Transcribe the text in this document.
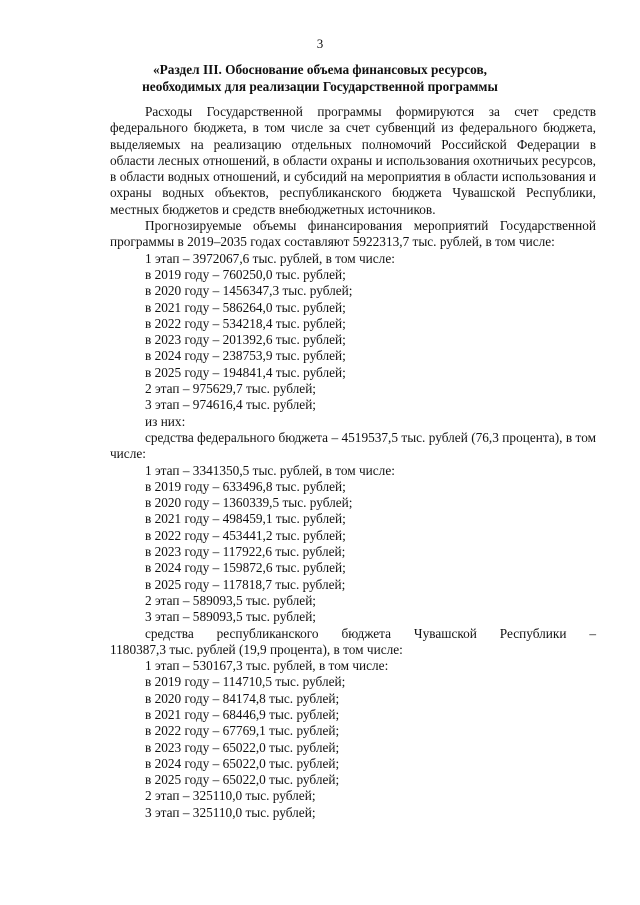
3
«Раздел III. Обоснование объема финансовых ресурсов,
необходимых для реализации Государственной программы

Расходы Государственной программы формируются за счет средств федерального бюджета, в том числе за счет субвенций из федерального бюджета, выделяемых на реализацию отдельных полномочий Российской Федерации в области лесных отношений, в области охраны и использования охотничьих ресурсов, в области водных отношений, и субсидий на мероприятия в области использования и охраны водных объектов, республиканского бюджета Чувашской Республики, местных бюджетов и средств внебюджетных источников.

Прогнозируемые объемы финансирования мероприятий Государственной программы в 2019–2035 годах составляют 5922313,7 тыс. рублей, в том числе:

1 этап – 3972067,6 тыс. рублей, в том числе:

в 2019 году – 760250,0 тыс. рублей;

в 2020 году – 1456347,3 тыс. рублей;

в 2021 году – 586264,0 тыс. рублей;

в 2022 году – 534218,4 тыс. рублей;

в 2023 году – 201392,6 тыс. рублей;

в 2024 году – 238753,9 тыс. рублей;

в 2025 году – 194841,4 тыс. рублей;

2 этап – 975629,7 тыс. рублей;

3 этап – 974616,4 тыс. рублей;

из них:

средства федерального бюджета – 4519537,5 тыс. рублей (76,3 процента), в том числе:

1 этап – 3341350,5 тыс. рублей, в том числе:

в 2019 году – 633496,8 тыс. рублей;

в 2020 году – 1360339,5 тыс. рублей;

в 2021 году – 498459,1 тыс. рублей;

в 2022 году – 453441,2 тыс. рублей;

в 2023 году – 117922,6 тыс. рублей;

в 2024 году – 159872,6 тыс. рублей;

в 2025 году – 117818,7 тыс. рублей;

2 этап – 589093,5 тыс. рублей;

3 этап – 589093,5 тыс. рублей;

средства республиканского бюджета Чувашской Республики –

1180387,3 тыс. рублей (19,9 процента), в том числе:

1 этап – 530167,3 тыс. рублей, в том числе:

в 2019 году – 114710,5 тыс. рублей;

в 2020 году – 84174,8 тыс. рублей;

в 2021 году – 68446,9 тыс. рублей;

в 2022 году – 67769,1 тыс. рублей;

в 2023 году – 65022,0 тыс. рублей;

в 2024 году – 65022,0 тыс. рублей;

в 2025 году – 65022,0 тыс. рублей;

2 этап – 325110,0 тыс. рублей;

3 этап – 325110,0 тыс. рублей;
